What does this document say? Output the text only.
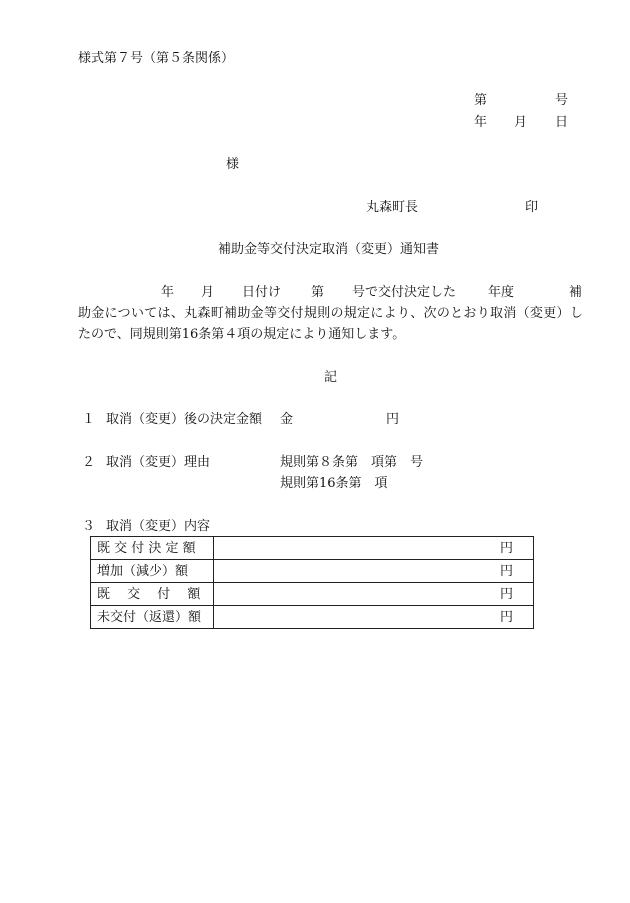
様式第７号（第５条関係）
第	号
年 月 日
様
丸森町長	印
補助金等交付決定取消（変更）通知書
年 月 日付け 第 号で交付決定した 年度	補
助金については、丸森町補助金等交付規則の規定により、次のとおり取消（変更）し
たので、同規則第16条第４項の規定により通知します。
記
１ 取消（変更）後の決定金額 金	円
２ 取消（変更）理由	規則第８条第　項第　号
規則第16条第　項
３ 取消（変更）内容
既 交 付 決 定 額	円
増加（減少）額	円
既　 交　 付　 額	円
未交付（返還）額	円
